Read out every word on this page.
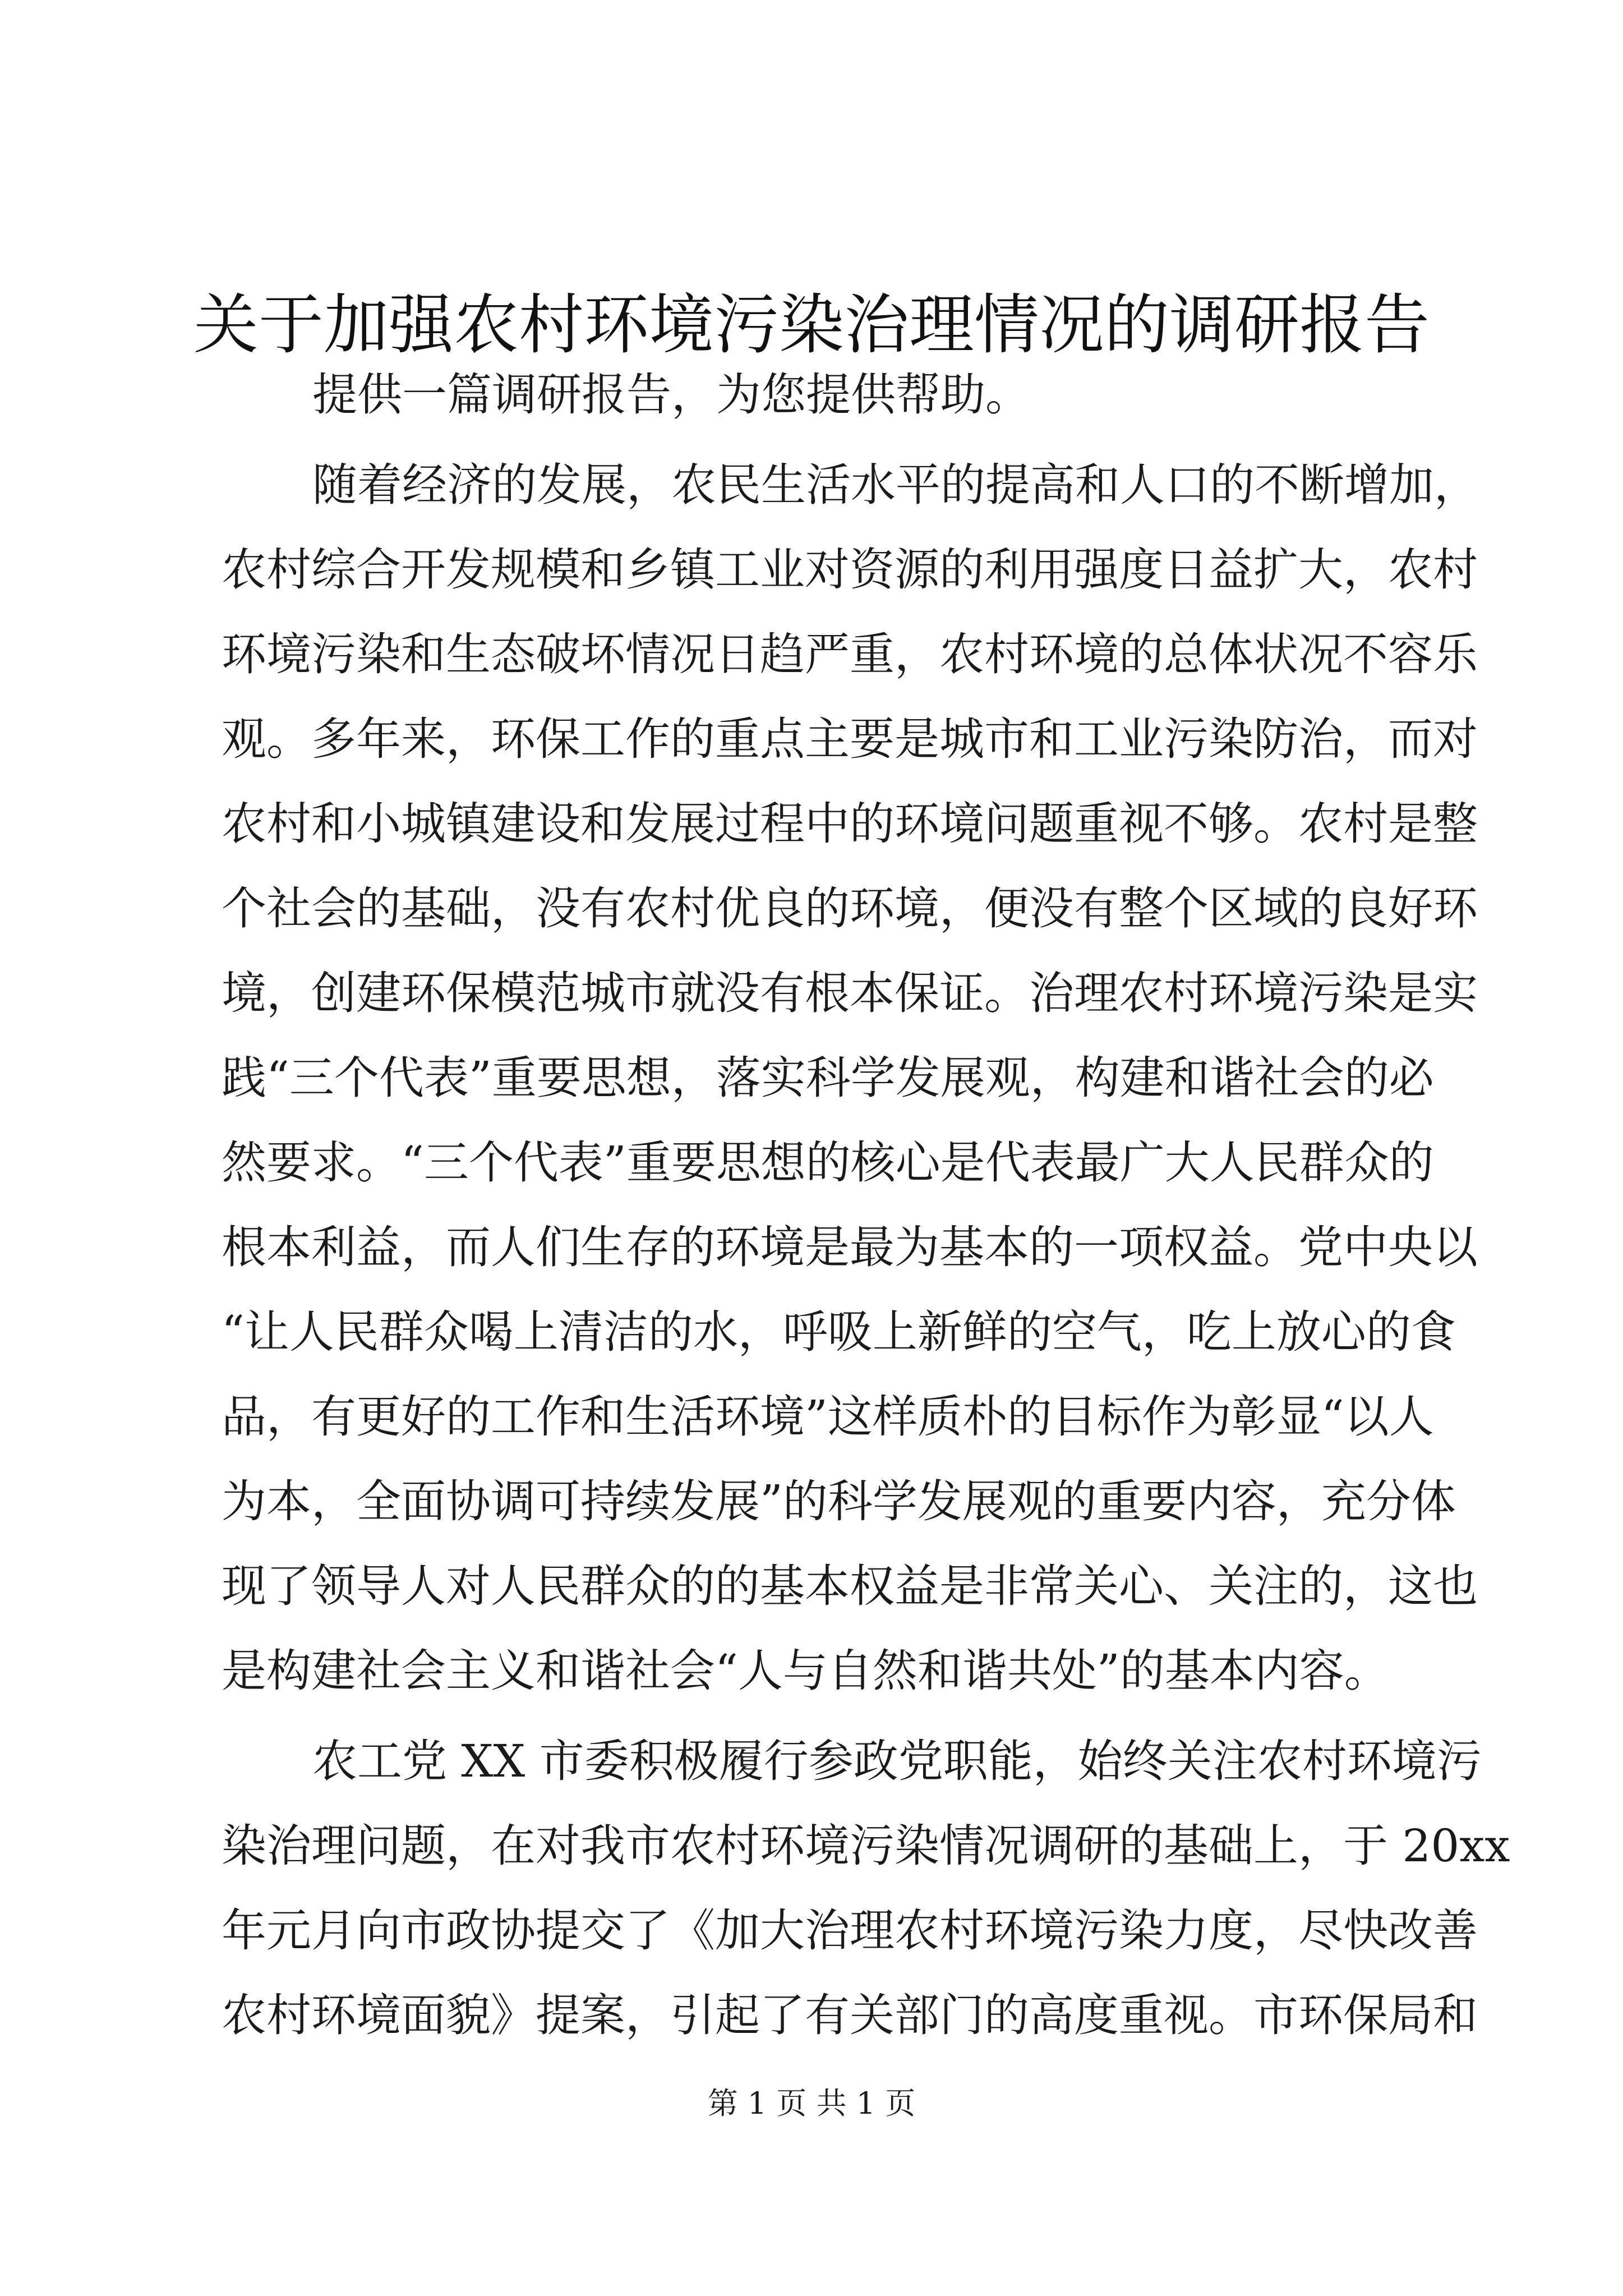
关于加强农村环境污染治理情况的调研报告
提供一篇调研报告，为您提供帮助。
随着经济的发展，农民生活水平的提高和人口的不断增加，
农村综合开发规模和乡镇工业对资源的利用强度日益扩大，农村
环境污染和生态破坏情况日趋严重，农村环境的总体状况不容乐
观。多年来，环保工作的重点主要是城市和工业污染防治，而对
农村和小城镇建设和发展过程中的环境问题重视不够。农村是整
个社会的基础，没有农村优良的环境，便没有整个区域的良好环
境，创建环保模范城市就没有根本保证。治理农村环境污染是实
践“三个代表”重要思想，落实科学发展观，构建和谐社会的必
然要求。“三个代表”重要思想的核心是代表最广大人民群众的
根本利益，而人们生存的环境是最为基本的一项权益。党中央以
“让人民群众喝上清洁的水，呼吸上新鲜的空气，吃上放心的食
品，有更好的工作和生活环境”这样质朴的目标作为彰显“以人
为本，全面协调可持续发展”的科学发展观的重要内容，充分体
现了领导人对人民群众的的基本权益是非常关心、关注的，这也
是构建社会主义和谐社会“人与自然和谐共处”的基本内容。
农工党 XX 市委积极履行参政党职能，始终关注农村环境污
染治理问题，在对我市农村环境污染情况调研的基础上，于 20xx
年元月向市政协提交了《加大治理农村环境污染力度，尽快改善
农村环境面貌》提案，引起了有关部门的高度重视。市环保局和
第 1 页 共 1 页
